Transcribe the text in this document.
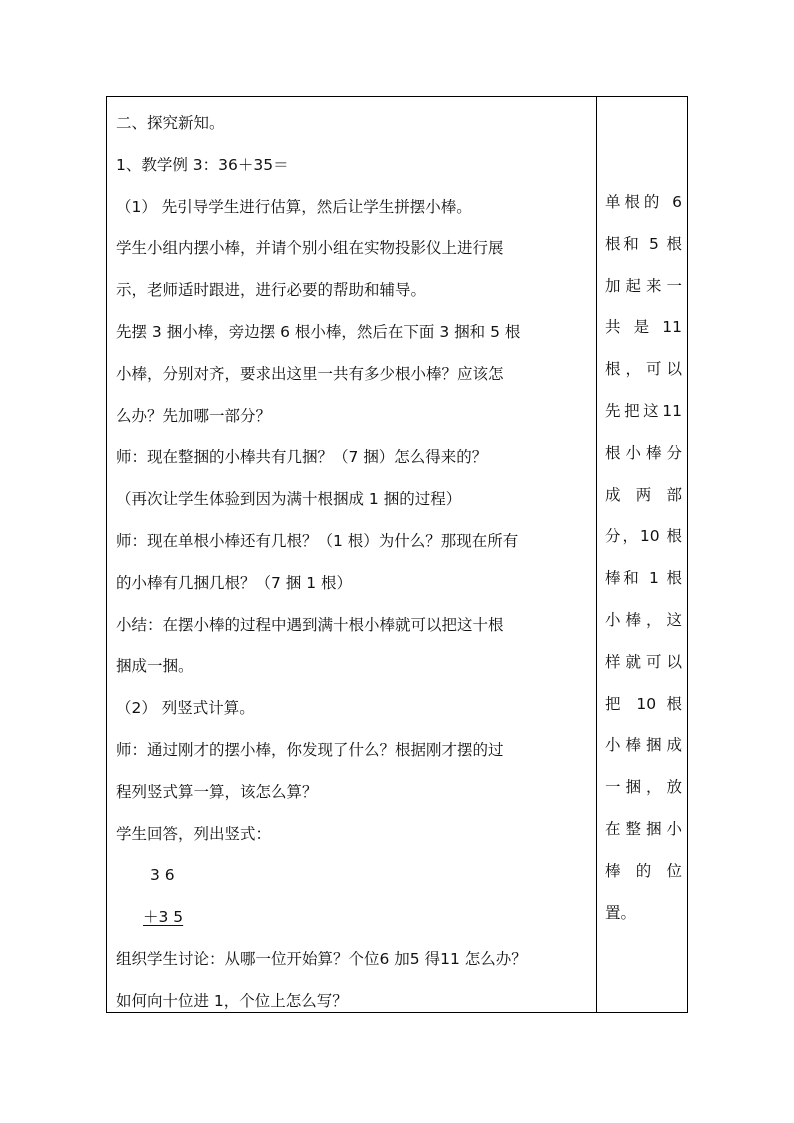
二、探究新知。
1、教学例 3：36＋35＝
（1） 先引导学生进行估算，然后让学生拼摆小棒。
学生小组内摆小棒，并请个别小组在实物投影仪上进行展
示，老师适时跟进，进行必要的帮助和辅导。
先摆 3 捆小棒，旁边摆 6 根小棒，然后在下面 3 捆和 5 根
小棒，分别对齐，要求出这里一共有多少根小棒？应该怎
么办？先加哪一部分？
师：现在整捆的小棒共有几捆？（7 捆）怎么得来的？
（再次让学生体验到因为满十根捆成 1 捆的过程）
师：现在单根小棒还有几根？（1 根）为什么？那现在所有
的小棒有几捆几根？（7 捆 1 根）
小结：在摆小棒的过程中遇到满十根小棒就可以把这十根
捆成一捆。
（2） 列竖式计算。
师：通过刚才的摆小棒，你发现了什么？根据刚才摆的过
程列竖式算一算，该怎么算？
学生回答，列出竖式：
3 6
＋3 5
组织学生讨论：从哪一位开始算？个位6 加5 得11 怎么办？
如何向十位进 1，个位上怎么写？
单根的 6
根和 5 根
加起来一
共 是 11
根，可以
先把这11
根小棒分
成 两 部
分，10 根
棒和 1 根
小棒，这
样就可以
把 10 根
小棒捆成
一捆，放
在整捆小
棒 的 位
置。
